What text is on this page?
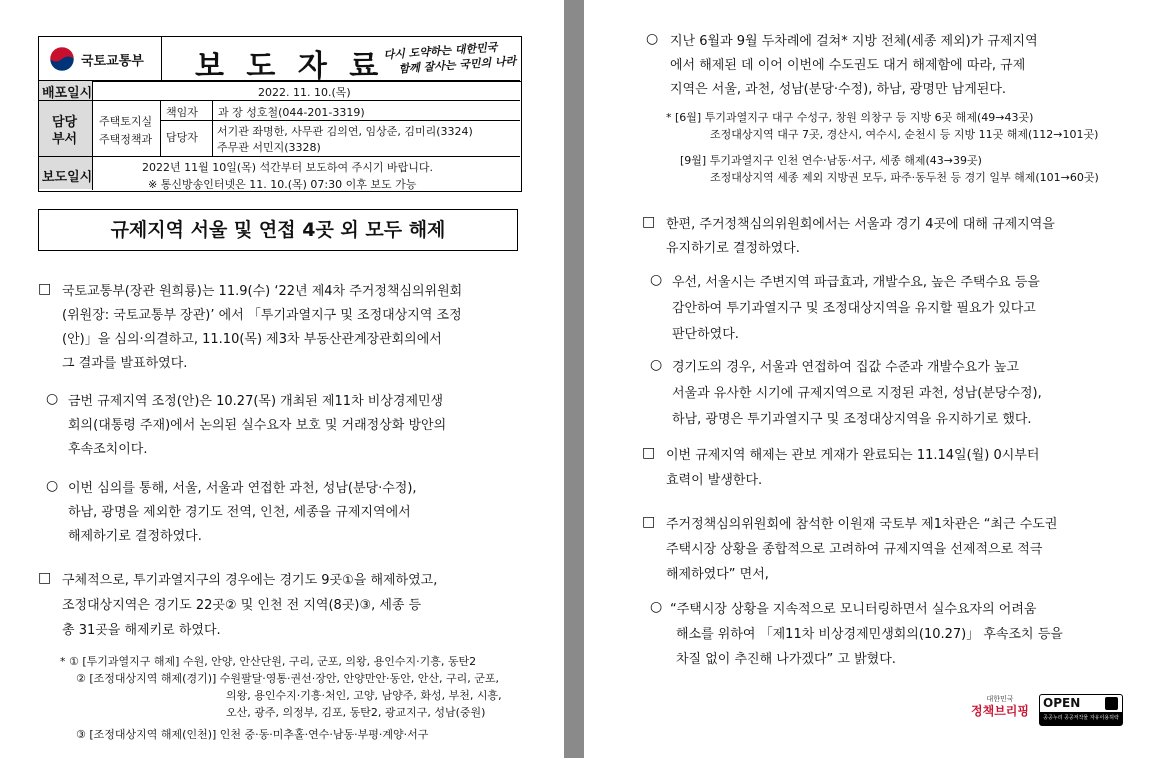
국토교통부 보 도 자 료
다시 도약하는 대한민국
함께 잘사는 국민의 나라
배포일시	2022. 11. 10.(목)
담당
부서
주택토지실
주택정책과
책임자 과 장 성호철(044-201-3319)
담당자 서기관 좌명한, 사무관 김의연, 임상준, 김미리(3324)
주무관 서민지(3328)
보도일시
2022년 11월 10일(목) 석간부터 보도하여 주시기 바랍니다.
※ 통신방송인터넷은 11. 10.(목) 07:30 이후 보도 가능
규제지역 서울 및 연접 4곳 외 모두 해제
□ 국토교통부(장관 원희룡)는 11.9(수) ‘22년 제4차 주거정책심의위원회
(위원장: 국토교통부 장관)’ 에서 「투기과열지구 및 조정대상지역 조정
(안)」을 심의·의결하고, 11.10(목) 제3차 부동산관계장관회의에서
그 결과를 발표하였다.
○ 금번 규제지역 조정(안)은 10.27(목) 개최된 제11차 비상경제민생
회의(대통령 주재)에서 논의된 실수요자 보호 및 거래정상화 방안의
후속조치이다.
○ 이번 심의를 통해, 서울, 서울과 연접한 과천, 성남(분당·수정),
하남, 광명을 제외한 경기도 전역, 인천, 세종을 규제지역에서
해제하기로 결정하였다.
□ 구체적으로, 투기과열지구의 경우에는 경기도 9곳①을 해제하였고,
조정대상지역은 경기도 22곳② 및 인천 전 지역(8곳)③, 세종 등
총 31곳을 해제키로 하였다.
* ① [투기과열지구 해제] 수원, 안양, 안산단원, 구리, 군포, 의왕, 용인수지·기흥, 동탄2
② [조정대상지역 해제(경기)] 수원팔달·영통·권선·장안, 안양만안·동안, 안산, 구리, 군포,
의왕, 용인수지·기흥·처인, 고양, 남양주, 화성, 부천, 시흥,
오산, 광주, 의정부, 김포, 동탄2, 광교지구, 성남(중원)
③ [조정대상지역 해제(인천)] 인천 중·동·미추홀·연수·남동·부평·계양·서구
○ 지난 6월과 9월 두차례에 걸쳐* 지방 전체(세종 제외)가 규제지역
에서 해제된 데 이어 이번에 수도권도 대거 해제함에 따라, 규제
지역은 서울, 과천, 성남(분당·수정), 하남, 광명만 남게된다.
* [6월] 투기과열지구 대구 수성구, 창원 의창구 등 지방 6곳 해제(49→43곳)
조정대상지역 대구 7곳, 경산시, 여수시, 순천시 등 지방 11곳 해제(112→101곳)
[9월] 투기과열지구 인천 연수·남동·서구, 세종 해제(43→39곳)
조정대상지역 세종 제외 지방권 모두, 파주·동두천 등 경기 일부 해제(101→60곳)
□ 한편, 주거정책심의위원회에서는 서울과 경기 4곳에 대해 규제지역을
유지하기로 결정하였다.
○ 우선, 서울시는 주변지역 파급효과, 개발수요, 높은 주택수요 등을
감안하여 투기과열지구 및 조정대상지역을 유지할 필요가 있다고
판단하였다.
○ 경기도의 경우, 서울과 연접하여 집값 수준과 개발수요가 높고
서울과 유사한 시기에 규제지역으로 지정된 과천, 성남(분당수정),
하남, 광명은 투기과열지구 및 조정대상지역을 유지하기로 했다.
□ 이번 규제지역 해제는 관보 게재가 완료되는 11.14일(월) 0시부터
효력이 발생한다.
□ 주거정책심의위원회에 참석한 이원재 국토부 제1차관은 “최근 수도권
주택시장 상황을 종합적으로 고려하여 규제지역을 선제적으로 적극
해제하였다” 면서,
○ “주택시장 상황을 지속적으로 모니터링하면서 실수요자의 어려움
해소를 위하여 「제11차 비상경제민생회의(10.27)」 후속조치 등을
차질 없이 추진해 나가겠다” 고 밝혔다.
대한민국
정책브리핑
OPEN
공공누리 공공저작물 자유이용허락
